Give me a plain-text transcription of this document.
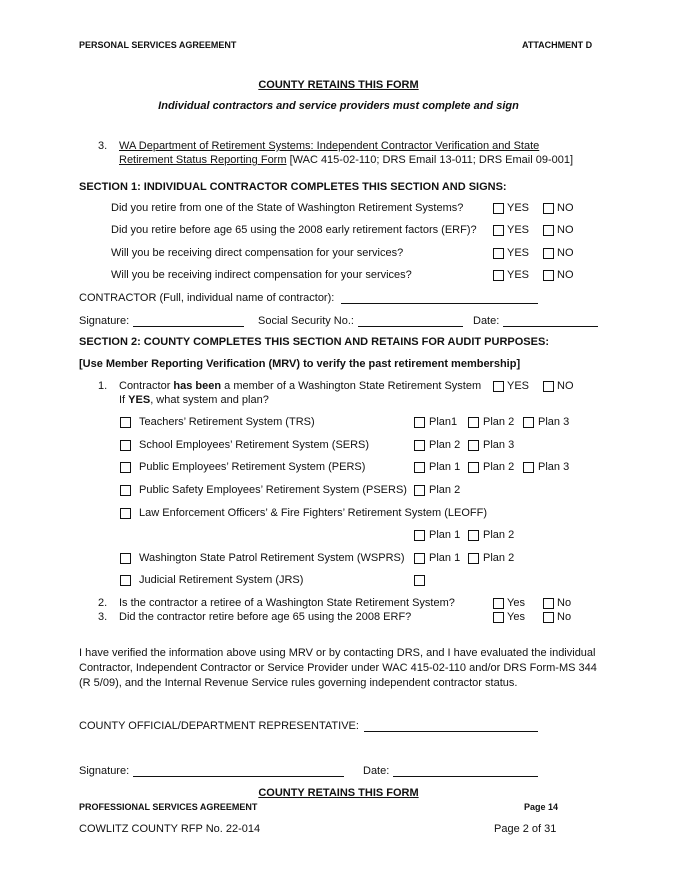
PERSONAL SERVICES AGREEMENT	ATTACHMENT D
COUNTY RETAINS THIS FORM
Individual contractors and service providers must complete and sign
3. WA Department of Retirement Systems: Independent Contractor Verification and State
Retirement Status Reporting Form [WAC 415-02-110; DRS Email 13-011; DRS Email 09-001]
SECTION 1: INDIVIDUAL CONTRACTOR COMPLETES THIS SECTION AND SIGNS:
Did you retire from one of the State of Washington Retirement Systems?	YES	NO
Did you retire before age 65 using the 2008 early retirement factors (ERF)?	YES	NO
Will you be receiving direct compensation for your services?	YES	NO
Will you be receiving indirect compensation for your services?	YES	NO
CONTRACTOR (Full, individual name of contractor):
Signature:	Social Security No.:	Date:
SECTION 2: COUNTY COMPLETES THIS SECTION AND RETAINS FOR AUDIT PURPOSES:
[Use Member Reporting Verification (MRV) to verify the past retirement membership]
1. Contractor has been a member of a Washington State Retirement System YES	NO
If YES, what system and plan?
Teachers’ Retirement System (TRS)	Plan1 Plan 2 Plan 3
School Employees’ Retirement System (SERS)	Plan 2 Plan 3
Public Employees’ Retirement System (PERS)	Plan 1 Plan 2 Plan 3
Public Safety Employees’ Retirement System (PSERS) Plan 2
Law Enforcement Officers’ & Fire Fighters’ Retirement System (LEOFF)
Plan 1 Plan 2
Washington State Patrol Retirement System (WSPRS) Plan 1 Plan 2
Judicial Retirement System (JRS)
2. Is the contractor a retiree of a Washington State Retirement System?	Yes	No
3. Did the contractor retire before age 65 using the 2008 ERF?	Yes	No
I have verified the information above using MRV or by contacting DRS, and I have evaluated the individual Contractor, Independent Contractor or Service Provider under WAC 415-02-110 and/or DRS Form-MS 344 (R 5/09), and the Internal Revenue Service rules governing independent contractor status.
COUNTY OFFICIAL/DEPARTMENT REPRESENTATIVE:
Signature:	Date:
COUNTY RETAINS THIS FORM
PROFESSIONAL SERVICES AGREEMENT	Page 14
COWLITZ COUNTY RFP No. 22-014	Page 2 of 31
